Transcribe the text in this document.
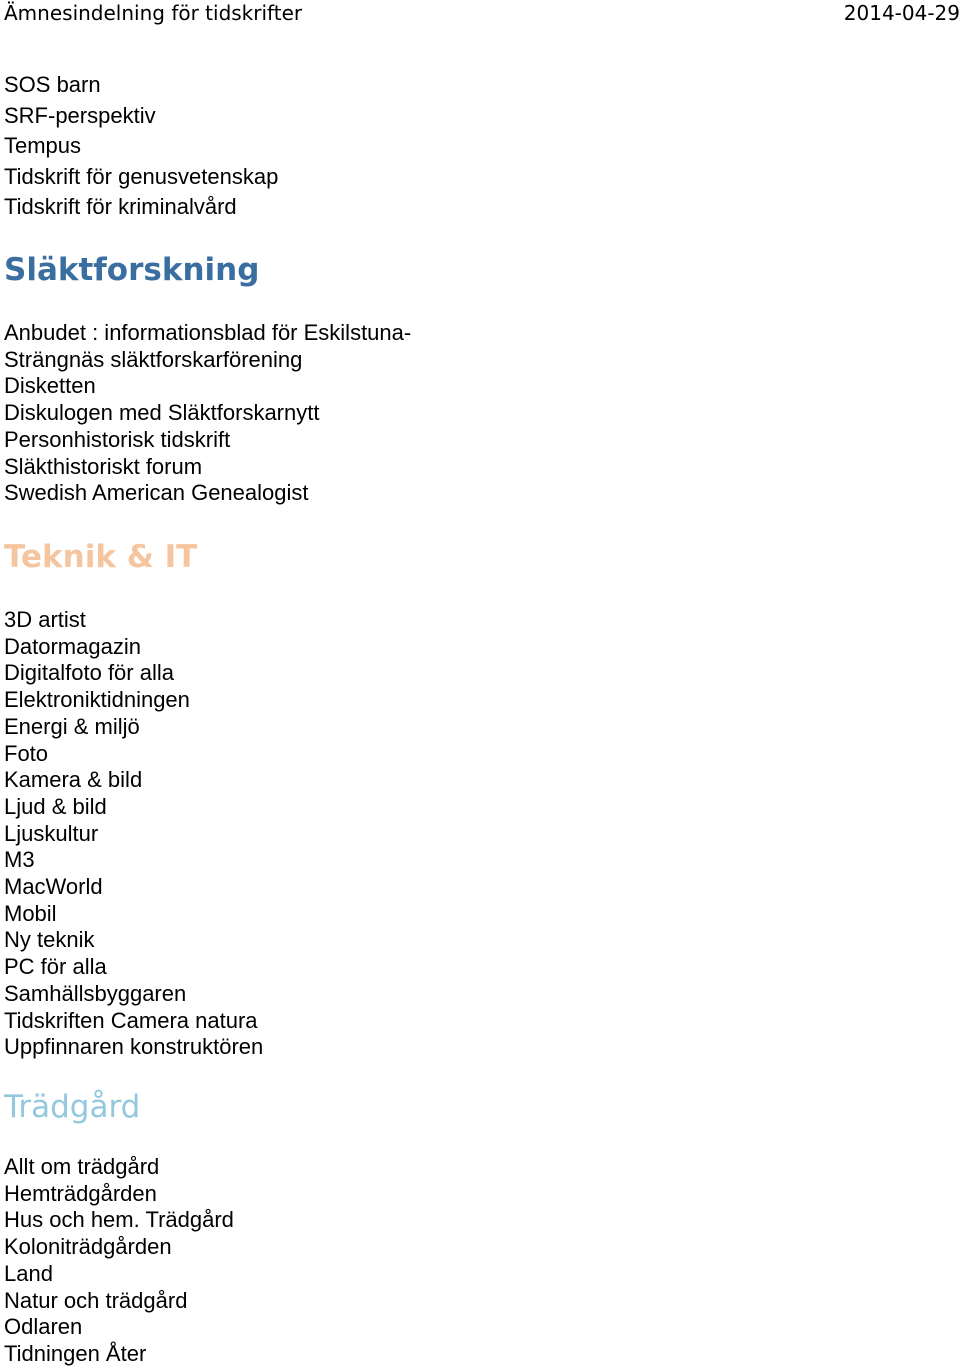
Ämnesindelning för tidskrifter	2014-04-29
SOS barn
SRF-perspektiv
Tempus
Tidskrift för genusvetenskap
Tidskrift för kriminalvård
Släktforskning
Anbudet : informationsblad för Eskilstuna-Strängnäs släktforskarförening
Disketten
Diskulogen med Släktforskarnytt
Personhistorisk tidskrift
Släkthistoriskt forum
Swedish American Genealogist
Teknik & IT
3D artist
Datormagazin
Digitalfoto för alla
Elektroniktidningen
Energi & miljö
Foto
Kamera & bild
Ljud & bild
Ljuskultur
M3
MacWorld
Mobil
Ny teknik
PC för alla
Samhällsbyggaren
Tidskriften Camera natura
Uppfinnaren konstruktören
Trädgård
Allt om trädgård
Hemträdgården
Hus och hem. Trädgård
Koloniträdgården
Land
Natur och trädgård
Odlaren
Tidningen Åter
